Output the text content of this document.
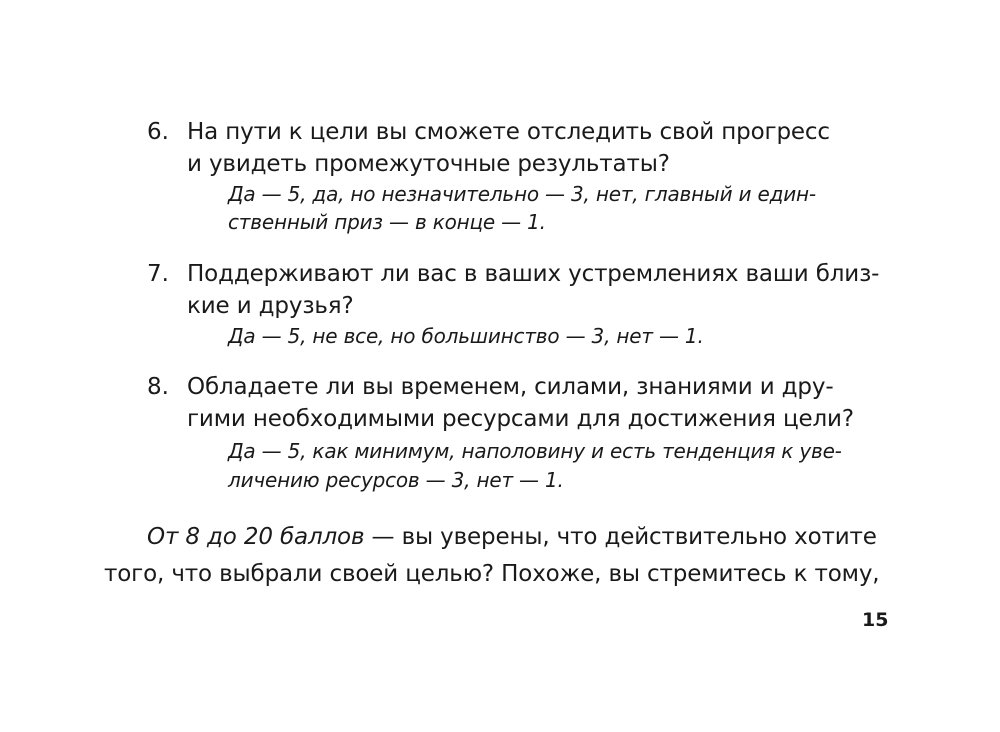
6. На пути к цели вы сможете отследить свой прогресс
и увидеть промежуточные результаты?
Да — 5, да, но незначительно — 3, нет, главный и един-
ственный приз — в конце — 1.
7. Поддерживают ли вас в ваших устремлениях ваши близ-
кие и друзья?
Да — 5, не все, но большинство — 3, нет — 1.
8. Обладаете ли вы временем, силами, знаниями и дру-
гими необходимыми ресурсами для достижения цели?
Да — 5, как минимум, наполовину и есть тенденция к уве-
личению ресурсов — 3, нет — 1.
От 8 до 20 баллов — вы уверены, что действительно хотите
того, что выбрали своей целью? Похоже, вы стремитесь к тому,
15
